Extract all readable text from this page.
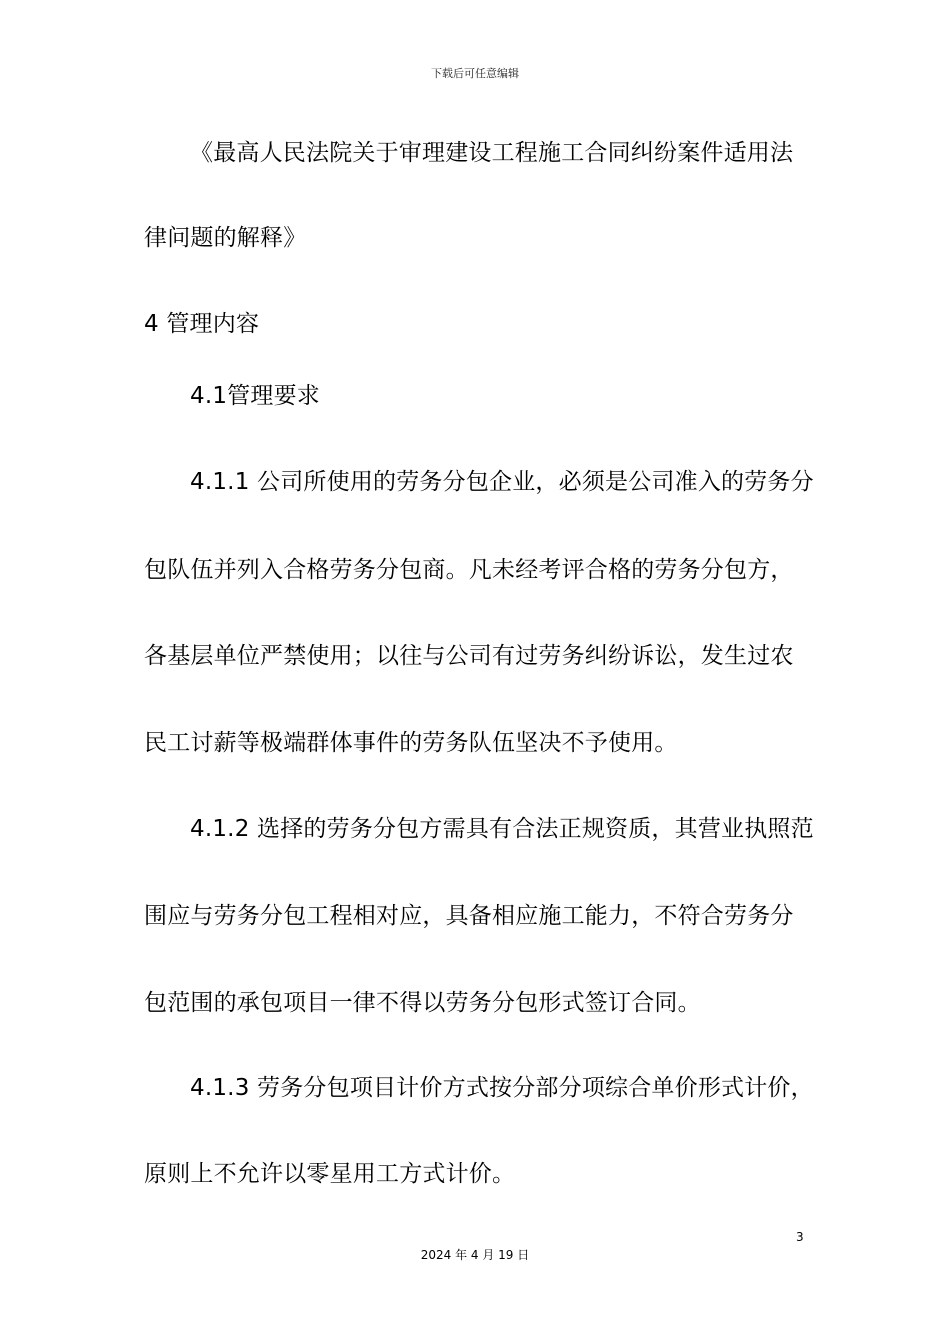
下载后可任意编辑
《最高人民法院关于审理建设工程施工合同纠纷案件适用法
律问题的解释》
4 管理内容
4.1管理要求
4.1.1 公司所使用的劳务分包企业，必须是公司准入的劳务分
包队伍并列入合格劳务分包商。凡未经考评合格的劳务分包方，
各基层单位严禁使用；以往与公司有过劳务纠纷诉讼，发生过农
民工讨薪等极端群体事件的劳务队伍坚决不予使用。
4.1.2 选择的劳务分包方需具有合法正规资质，其营业执照范
围应与劳务分包工程相对应，具备相应施工能力，不符合劳务分
包范围的承包项目一律不得以劳务分包形式签订合同。
4.1.3 劳务分包项目计价方式按分部分项综合单价形式计价，
原则上不允许以零星用工方式计价。
3
2024 年 4 月 19 日
